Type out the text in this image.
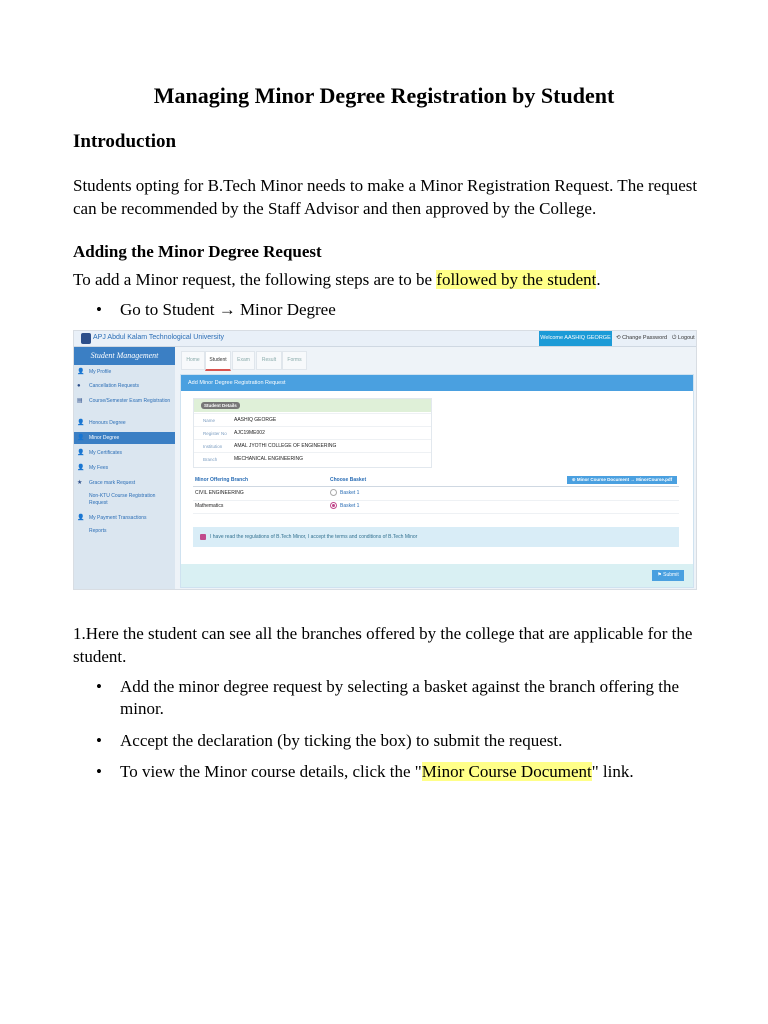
Managing Minor Degree Registration by Student
Introduction

Students opting for B.Tech Minor needs to make a Minor Registration Request. The request can be recommended by the Staff Advisor and then approved by the College.

Adding the Minor Degree Request

To add a Minor request, the following steps are to be followed by the student.

• Go to Student → Minor Degree
APJ Abdul Kalam Technological University	Welcome AASHIQ GEORGE ⟲ Change Password ⏻ Logout
Student Management
👤 My Profile
●	Cancellation Requests
▤ Course/Semester Exam Registration
👤 Honours Degree
👤 Minor Degree
👤 My Certificates
👤 My Fees
★ Grace mark Request
Non-KTU Course Registration Request
👤 My Payment Transactions
Reports
Home	Student	Exam	Result	Forms
Add Minor Degree Registration Request
Student Details
Name	AASHIQ GEORGE
Register No AJC19ME002
Institution AMAL JYOTHI COLLEGE OF ENGINEERING
Branch	MECHANICAL ENGINEERING
Minor Offering Branch	Choose Basket	⊕ Minor Course Document → MinorCourse.pdf
CIVIL ENGINEERING	Basket 1
Mathematics	Basket 1
I have read the regulations of B.Tech Minor, I accept the terms and conditions of B.Tech Minor
⚑ Submit

1.Here the student can see all the branches offered by the college that are applicable for the student.

• Add the minor degree request by selecting a basket against the branch offering the minor.
• Accept the declaration (by ticking the box) to submit the request.
• To view the Minor course details, click the "Minor Course Document" link.
